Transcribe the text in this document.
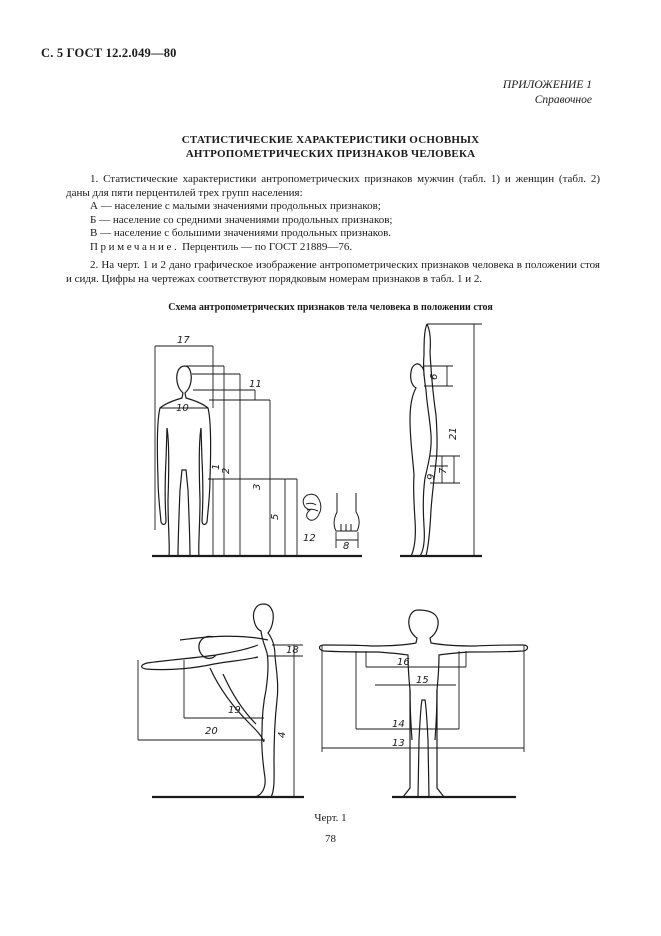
С. 5 ГОСТ 12.2.049—80
ПРИЛОЖЕНИЕ 1
Справочное
СТАТИСТИЧЕСКИЕ ХАРАКТЕРИСТИКИ ОСНОВНЫХ
АНТРОПОМЕТРИЧЕСКИХ ПРИЗНАКОВ ЧЕЛОВЕКА
1. Статистические характеристики антропометрических признаков мужчин (табл. 1) и женщин (табл. 2) даны для пяти перцентилей трех групп населения:
А — население с малыми значениями продольных признаков;
Б — население со средними значениями продольных признаков;
В — население с большими значениями продольных признаков.
Примечание. Перцентиль — по ГОСТ 21889—76.
2. На черт. 1 и 2 дано графическое изображение антропометрических признаков человека в положении стоя и сидя. Цифры на чертежах соответствуют порядковым номерам признаков в табл. 1 и 2.
Схема антропометрических признаков тела человека в положении стоя
17
10
11
1
2
3
5
12
8
6
21
9
7
18
19
20	4
16
15
14
13
Черт. 1
78
